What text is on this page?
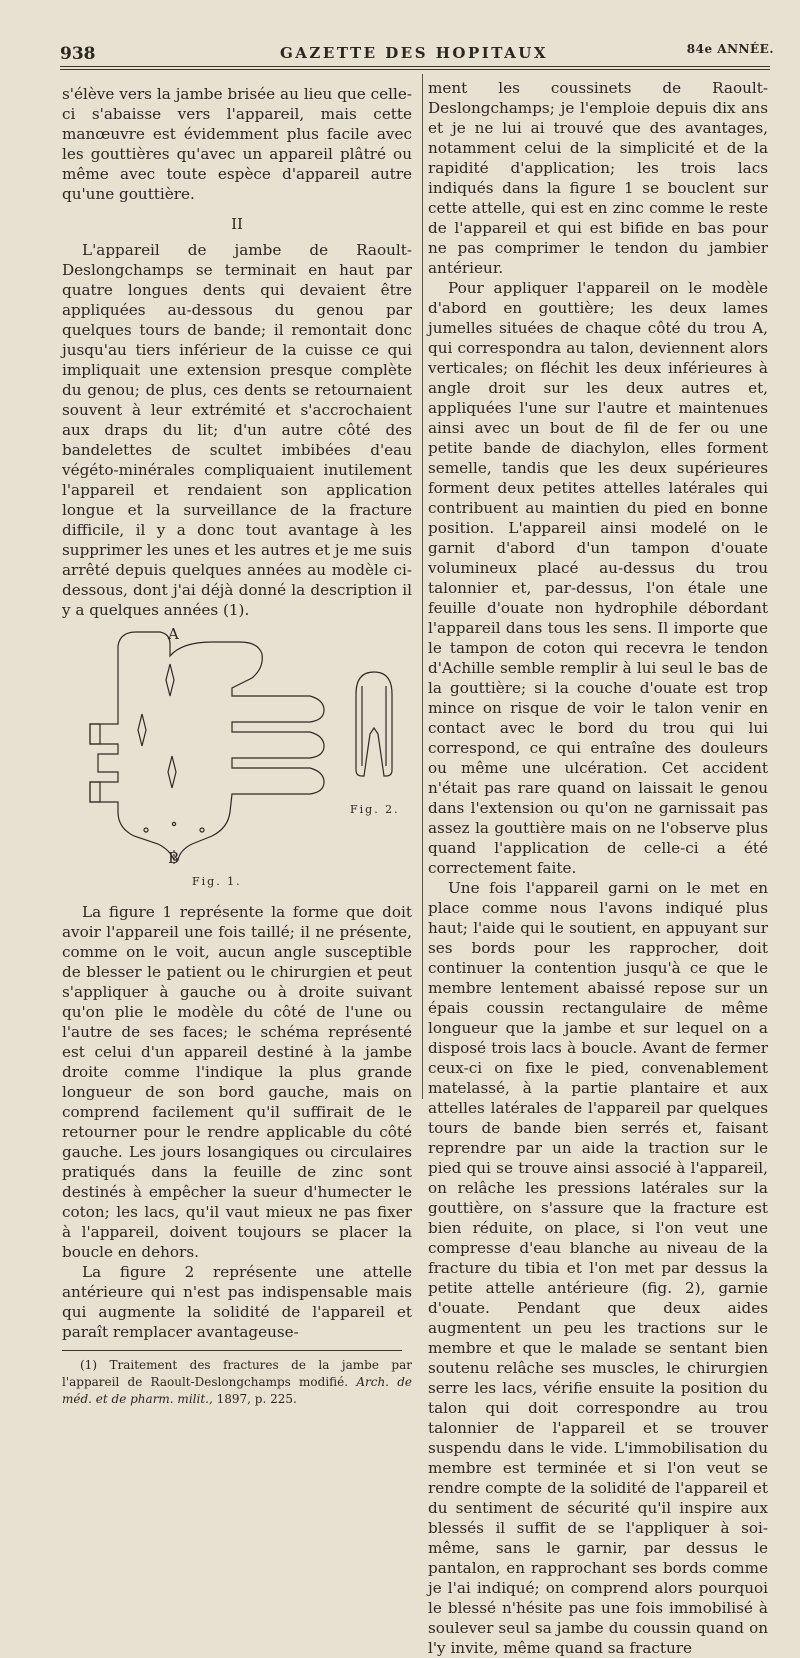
938	GAZETTE DES HOPITAUX	84e ANNÉE.

s'élève vers la jambe brisée au lieu que celle-ci s'abaisse vers l'appareil, mais cette manœuvre est évidemment plus facile avec les gouttières qu'avec un appareil plâtré ou même avec toute espèce d'appareil autre qu'une gouttière.

II

L'appareil de jambe de Raoult-Deslongchamps se terminait en haut par quatre longues dents qui devaient être appliquées au-dessous du genou par quelques tours de bande; il remontait donc jusqu'au tiers inférieur de la cuisse ce qui impliquait une extension presque complète du genou; de plus, ces dents se retournaient souvent à leur extrémité et s'accrochaient aux draps du lit; d'un autre côté des bandelettes de scultet imbibées d'eau végéto-minérales compliquaient inutilement l'appareil et rendaient son application longue et la surveillance de la fracture difficile, il y a donc tout avantage à les supprimer les unes et les autres et je me suis arrêté depuis quelques années au modèle ci-dessous, dont j'ai déjà donné la description il y a quelques années (1).

A
B
Fig. 2.
Fig. 1.

La figure 1 représente la forme que doit avoir l'appareil une fois taillé; il ne présente, comme on le voit, aucun angle susceptible de blesser le patient ou le chirurgien et peut s'appliquer à gauche ou à droite suivant qu'on plie le modèle du côté de l'une ou l'autre de ses faces; le schéma représenté est celui d'un appareil destiné à la jambe droite comme l'indique la plus grande longueur de son bord gauche, mais on comprend facilement qu'il suffirait de le retourner pour le rendre applicable du côté gauche. Les jours losangiques ou circulaires pratiqués dans la feuille de zinc sont destinés à empêcher la sueur d'humecter le coton; les lacs, qu'il vaut mieux ne pas fixer à l'appareil, doivent toujours se placer la boucle en dehors.

La figure 2 représente une attelle antérieure qui n'est pas indispensable mais qui augmente la solidité de l'appareil et paraît remplacer avantageuse-

(1) Traitement des fractures de la jambe par l'appareil de Raoult-Deslongchamps modifié. Arch. de méd. et de pharm. milit., 1897, p. 225.

ment les coussinets de Raoult-Deslongchamps; je l'emploie depuis dix ans et je ne lui ai trouvé que des avantages, notamment celui de la simplicité et de la rapidité d'application; les trois lacs indiqués dans la figure 1 se bouclent sur cette attelle, qui est en zinc comme le reste de l'appareil et qui est bifide en bas pour ne pas comprimer le tendon du jambier antérieur.

Pour appliquer l'appareil on le modèle d'abord en gouttière; les deux lames jumelles situées de chaque côté du trou A, qui correspondra au talon, deviennent alors verticales; on fléchit les deux inférieures à angle droit sur les deux autres et, appliquées l'une sur l'autre et maintenues ainsi avec un bout de fil de fer ou une petite bande de diachylon, elles forment semelle, tandis que les deux supérieures forment deux petites attelles latérales qui contribuent au maintien du pied en bonne position. L'appareil ainsi modelé on le garnit d'abord d'un tampon d'ouate volumineux placé au-dessus du trou talonnier et, par-dessus, l'on étale une feuille d'ouate non hydrophile débordant l'appareil dans tous les sens. Il importe que le tampon de coton qui recevra le tendon d'Achille semble remplir à lui seul le bas de la gouttière; si la couche d'ouate est trop mince on risque de voir le talon venir en contact avec le bord du trou qui lui correspond, ce qui entraîne des douleurs ou même une ulcération. Cet accident n'était pas rare quand on laissait le genou dans l'extension ou qu'on ne garnissait pas assez la gouttière mais on ne l'observe plus quand l'application de celle-ci a été correctement faite.

Une fois l'appareil garni on le met en place comme nous l'avons indiqué plus haut; l'aide qui le soutient, en appuyant sur ses bords pour les rapprocher, doit continuer la contention jusqu'à ce que le membre lentement abaissé repose sur un épais coussin rectangulaire de même longueur que la jambe et sur lequel on a disposé trois lacs à boucle. Avant de fermer ceux-ci on fixe le pied, convenablement matelassé, à la partie plantaire et aux attelles latérales de l'appareil par quelques tours de bande bien serrés et, faisant reprendre par un aide la traction sur le pied qui se trouve ainsi associé à l'appareil, on relâche les pressions latérales sur la gouttière, on s'assure que la fracture est bien réduite, on place, si l'on veut une compresse d'eau blanche au niveau de la fracture du tibia et l'on met par dessus la petite attelle antérieure (fig. 2), garnie d'ouate. Pendant que deux aides augmentent un peu les tractions sur le membre et que le malade se sentant bien soutenu relâche ses muscles, le chirurgien serre les lacs, vérifie ensuite la position du talon qui doit correspondre au trou talonnier de l'appareil et se trouver suspendu dans le vide. L'immobilisation du membre est terminée et si l'on veut se rendre compte de la solidité de l'appareil et du sentiment de sécurité qu'il inspire aux blessés il suffit de se l'appliquer à soi-même, sans le garnir, par dessus le pantalon, en rapprochant ses bords comme je l'ai indiqué; on comprend alors pourquoi le blessé n'hésite pas une fois immobilisé à soulever seul sa jambe du coussin quand on l'y invite, même quand sa fracture
